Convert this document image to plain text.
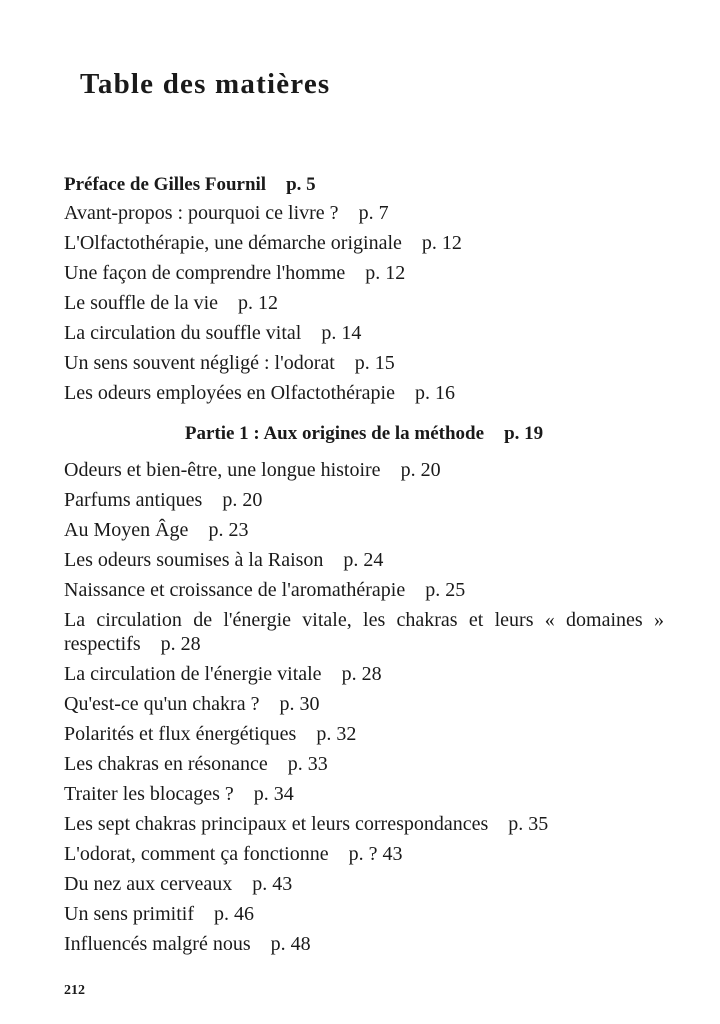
Table des matières
Préface de Gilles Fournil p. 5
Avant-propos : pourquoi ce livre ? p. 7
L'Olfactothérapie, une démarche originale p. 12
Une façon de comprendre l'homme p. 12
Le souffle de la vie p. 12
La circulation du souffle vital p. 14
Un sens souvent négligé : l'odorat p. 15
Les odeurs employées en Olfactothérapie p. 16
Partie 1 : Aux origines de la méthode p. 19
Odeurs et bien-être, une longue histoire p. 20
Parfums antiques p. 20
Au Moyen Âge p. 23
Les odeurs soumises à la Raison p. 24
Naissance et croissance de l'aromathérapie p. 25
La circulation de l'énergie vitale, les chakras et leurs « domaines » respectifs p. 28
La circulation de l'énergie vitale p. 28
Qu'est-ce qu'un chakra ? p. 30
Polarités et flux énergétiques p. 32
Les chakras en résonance p. 33
Traiter les blocages ? p. 34
Les sept chakras principaux et leurs correspondances p. 35
L'odorat, comment ça fonctionne p. ? 43
Du nez aux cerveaux p. 43
Un sens primitif p. 46
Influencés malgré nous p. 48
212
